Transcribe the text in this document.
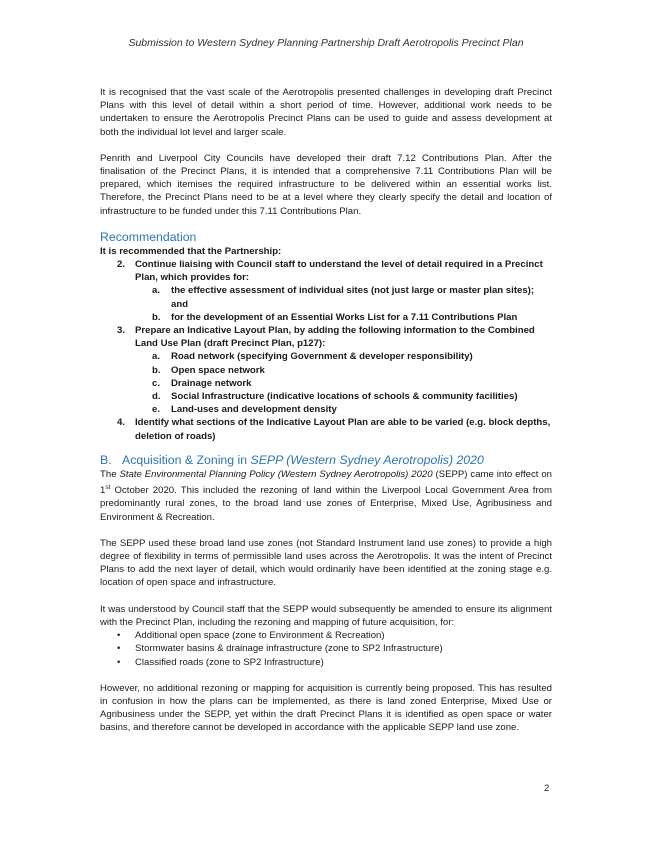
Submission to Western Sydney Planning Partnership Draft Aerotropolis Precinct Plan

It is recognised that the vast scale of the Aerotropolis presented challenges in developing draft Precinct Plans with this level of detail within a short period of time. However, additional work needs to be undertaken to ensure the Aerotropolis Precinct Plans can be used to guide and assess development at both the individual lot level and larger scale.

Penrith and Liverpool City Councils have developed their draft 7.12 Contributions Plan. After the finalisation of the Precinct Plans, it is intended that a comprehensive 7.11 Contributions Plan will be prepared, which itemises the required infrastructure to be delivered within an essential works list. Therefore, the Precinct Plans need to be at a level where they clearly specify the detail and location of infrastructure to be funded under this 7.11 Contributions Plan.

Recommendation
It is recommended that the Partnership:
2. Continue liaising with Council staff to understand the level of detail required in a Precinct Plan, which provides for:
a. the effective assessment of individual sites (not just large or master plan sites); and
b. for the development of an Essential Works List for a 7.11 Contributions Plan
3. Prepare an Indicative Layout Plan, by adding the following information to the Combined Land Use Plan (draft Precinct Plan, p127):
a. Road network (specifying Government & developer responsibility)
b. Open space network
c. Drainage network
d. Social Infrastructure (indicative locations of schools & community facilities)
e. Land-uses and development density
4. Identify what sections of the Indicative Layout Plan are able to be varied (e.g. block depths, deletion of roads)
B. Acquisition & Zoning in SEPP (Western Sydney Aerotropolis) 2020

The State Environmental Planning Policy (Western Sydney Aerotropolis) 2020 (SEPP) came into effect on 1st October 2020. This included the rezoning of land within the Liverpool Local Government Area from predominantly rural zones, to the broad land use zones of Enterprise, Mixed Use, Agribusiness and Environment & Recreation.

The SEPP used these broad land use zones (not Standard Instrument land use zones) to provide a high degree of flexibility in terms of permissible land uses across the Aerotropolis. It was the intent of Precinct Plans to add the next layer of detail, which would ordinarily have been identified at the zoning stage e.g. location of open space and infrastructure.

It was understood by Council staff that the SEPP would subsequently be amended to ensure its alignment with the Precinct Plan, including the rezoning and mapping of future acquisition, for:

• Additional open space (zone to Environment & Recreation)
• Stormwater basins & drainage infrastructure (zone to SP2 Infrastructure)
• Classified roads (zone to SP2 Infrastructure)

However, no additional rezoning or mapping for acquisition is currently being proposed. This has resulted in confusion in how the plans can be implemented, as there is land zoned Enterprise, Mixed Use or Agribusiness under the SEPP, yet within the draft Precinct Plans it is identified as open space or water basins, and therefore cannot be developed in accordance with the applicable SEPP land use zone.

2
